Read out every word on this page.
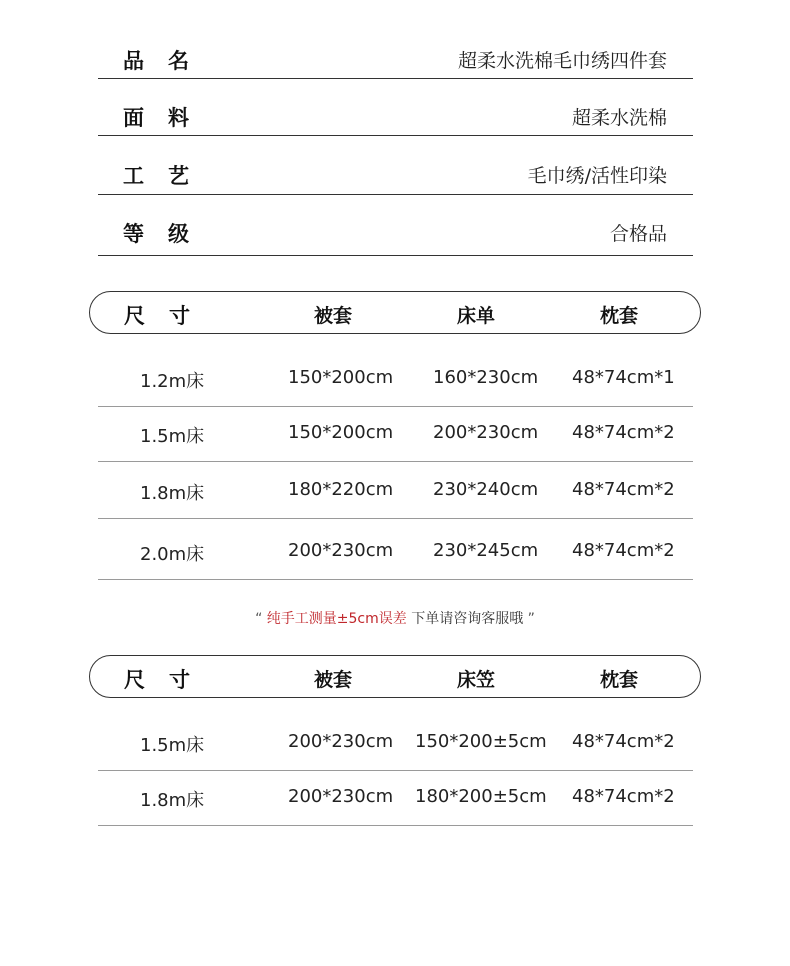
品名	超柔水洗棉毛巾绣四件套
面料	超柔水洗棉
工艺	毛巾绣/活性印染
等级	合格品
尺寸	被套	床单	枕套
1.2m床	150*200cm 160*230cm 48*74cm*1
1.5m床	150*200cm 200*230cm 48*74cm*2
1.8m床	180*220cm 230*240cm 48*74cm*2
2.0m床	200*230cm 230*245cm 48*74cm*2
“ 纯手工测量±5cm误差 下单请咨询客服哦 ”
尺寸	被套	床笠	枕套
1.5m床	200*230cm 150*200±5cm 48*74cm*2
1.8m床	200*230cm 180*200±5cm 48*74cm*2
